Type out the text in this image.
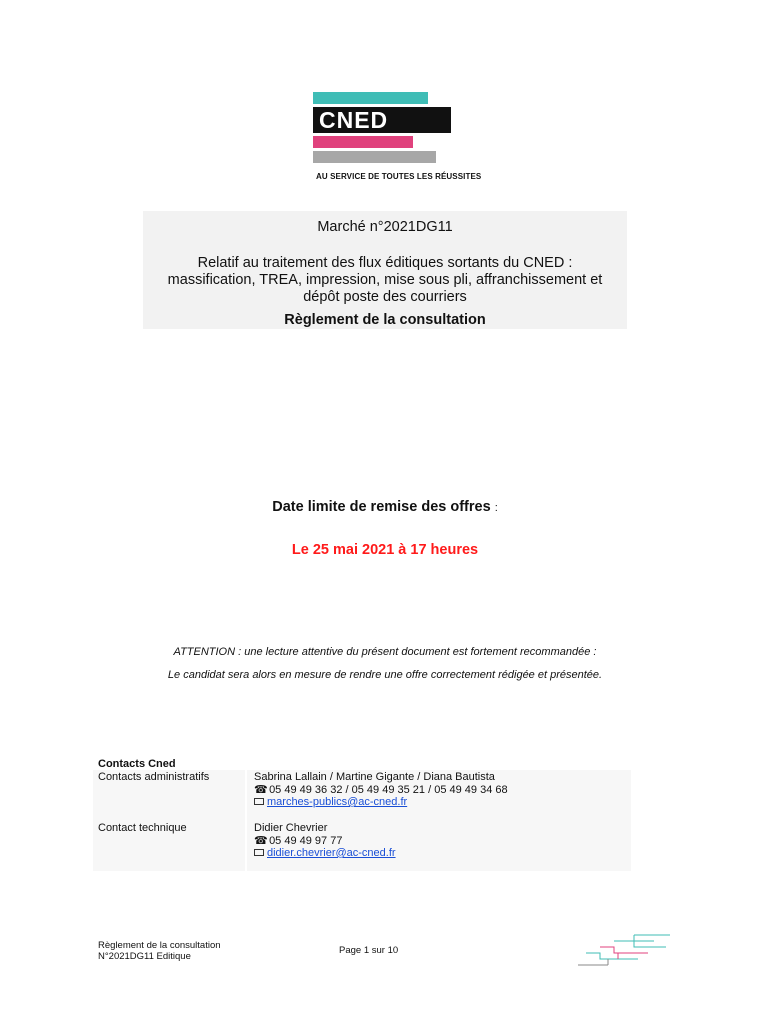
CNED
AU SERVICE DE TOUTES LES RÉUSSITES
Marché n°2021DG11
Relatif au traitement des flux éditiques sortants du CNED :
massification, TREA, impression, mise sous pli, affranchissement et
dépôt poste des courriers
Règlement de la consultation
Date limite de remise des offres :
Le 25 mai 2021 à 17 heures
ATTENTION : une lecture attentive du présent document est fortement recommandée :
Le candidat sera alors en mesure de rendre une offre correctement rédigée et présentée.
Contacts Cned
Contacts administratifs	Sabrina Lallain / Martine Gigante / Diana Bautista
☎ 05 49 49 36 32 / 05 49 49 35 21 / 05 49 49 34 68
marches-publics@ac-cned.fr
Contact technique	Didier Chevrier
☎ 05 49 49 97 77
didier.chevrier@ac-cned.fr
Règlement de la consultation
N°2021DG11 Editique
Page 1 sur 10
